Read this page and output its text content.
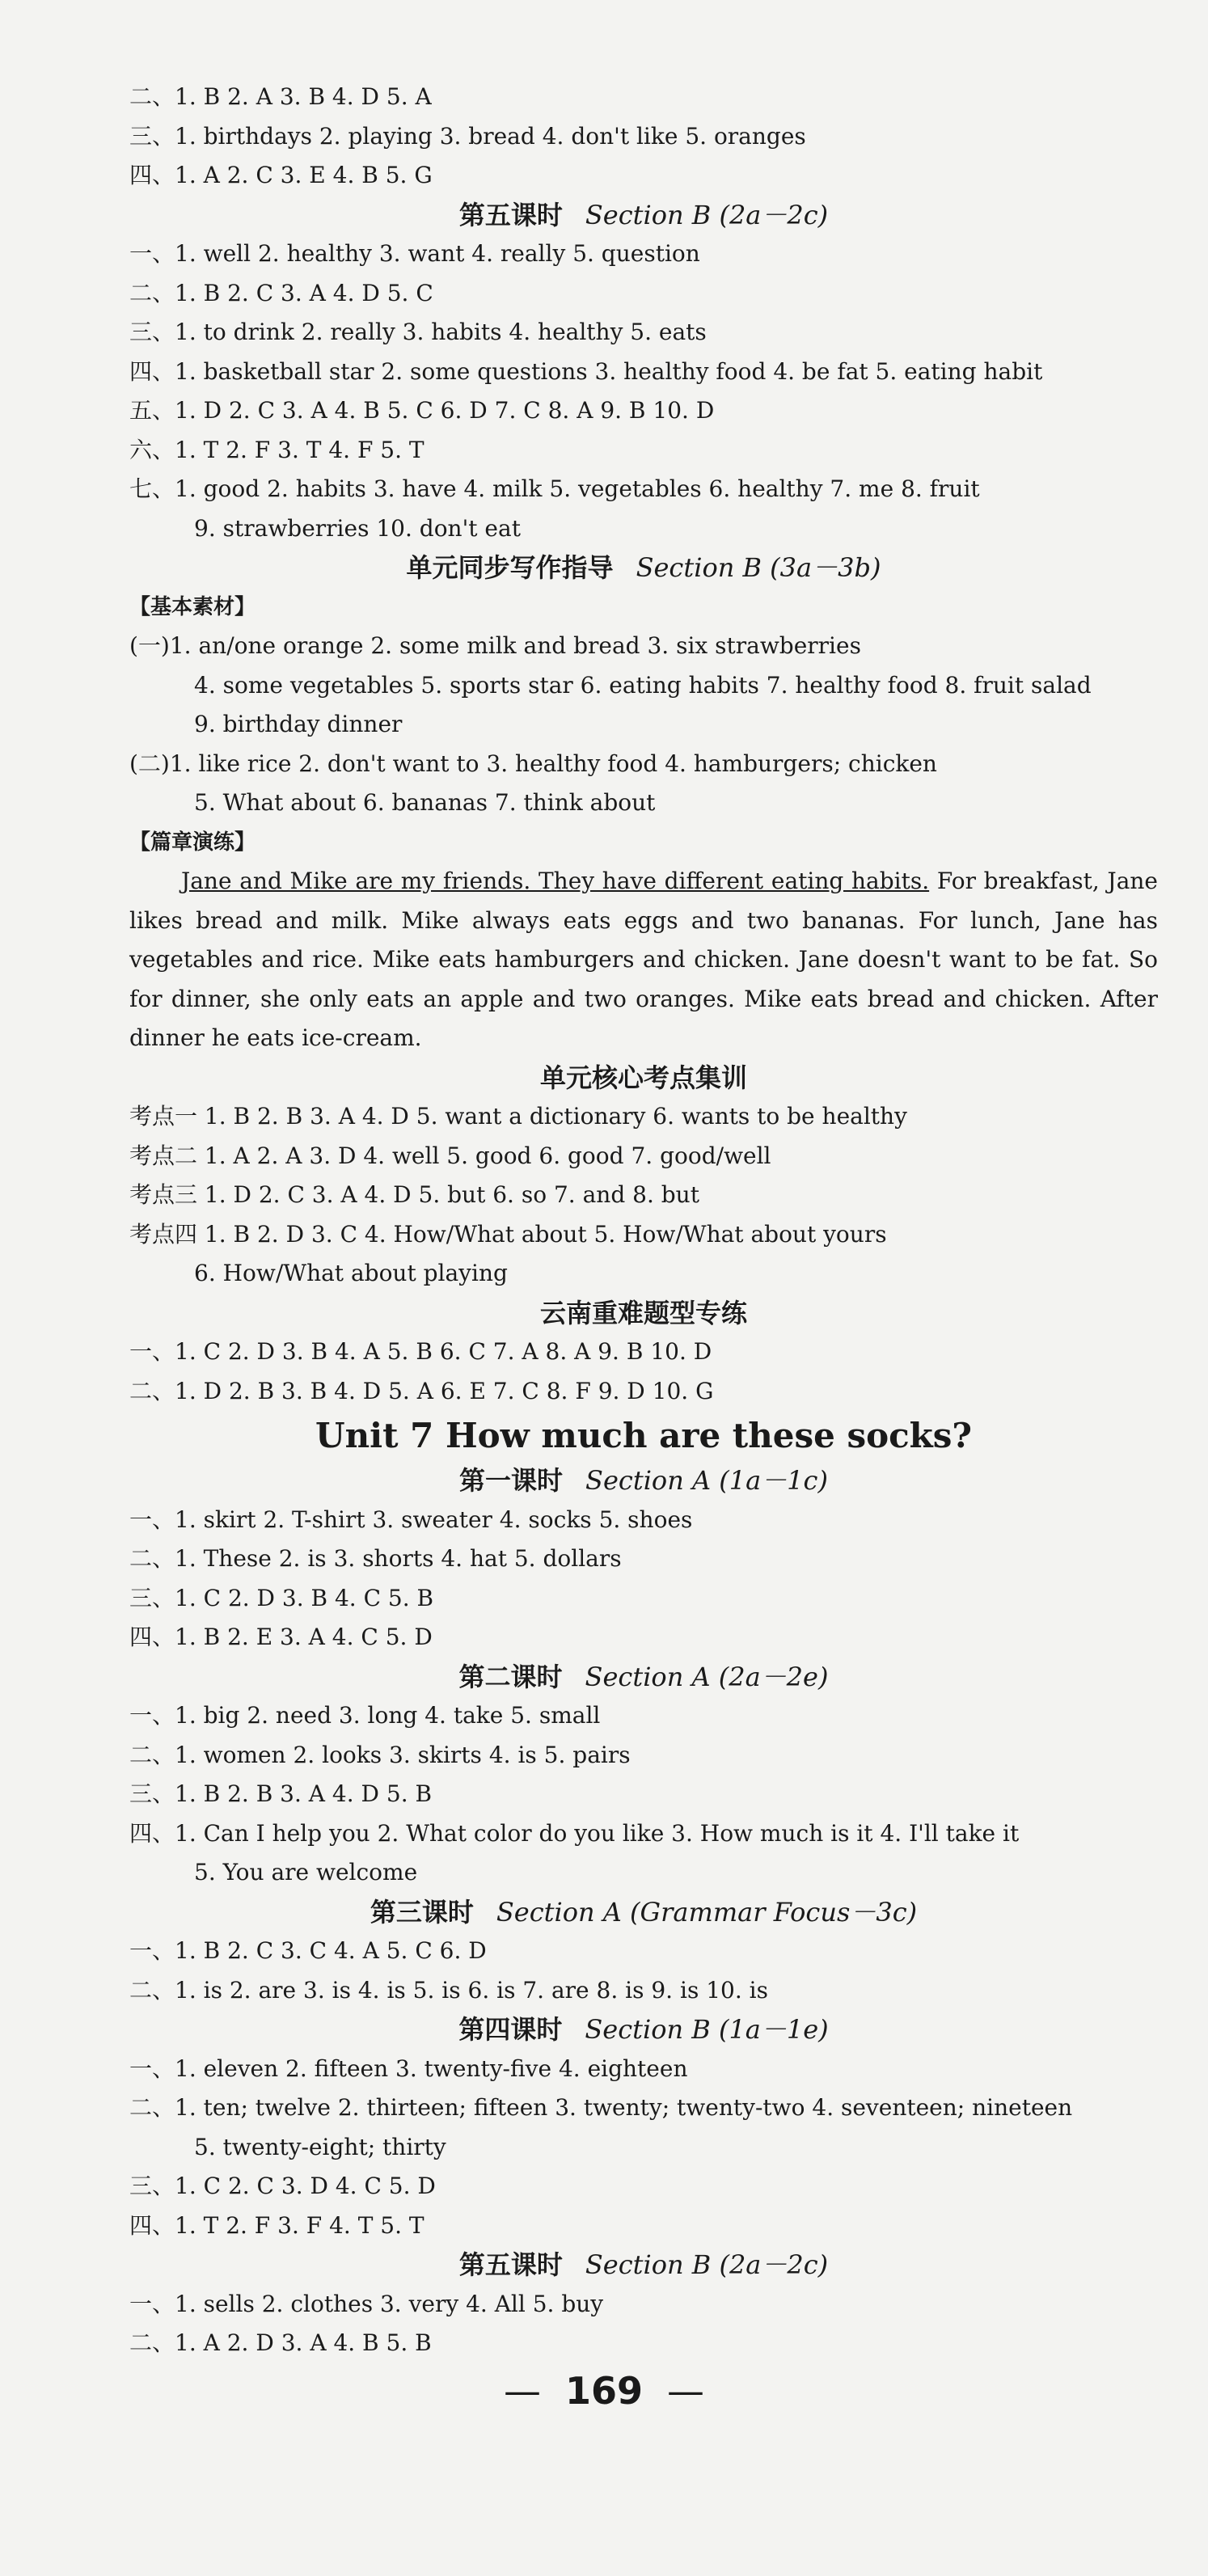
二、1. B 2. A 3. B 4. D 5. A
三、1. birthdays 2. playing 3. bread 4. don't like 5. oranges
四、1. A 2. C 3. E 4. B 5. G
第五课时 Section B (2a－2c)
一、1. well 2. healthy 3. want 4. really 5. question
二、1. B 2. C 3. A 4. D 5. C
三、1. to drink 2. really 3. habits 4. healthy 5. eats
四、1. basketball star 2. some questions 3. healthy food 4. be fat 5. eating habit
五、1. D 2. C 3. A 4. B 5. C 6. D 7. C 8. A 9. B 10. D
六、1. T 2. F 3. T 4. F 5. T
七、1. good 2. habits 3. have 4. milk 5. vegetables 6. healthy 7. me 8. fruit
9. strawberries 10. don't eat
单元同步写作指导 Section B (3a－3b)
【基本素材】
(一)1. an/one orange 2. some milk and bread 3. six strawberries
4. some vegetables 5. sports star 6. eating habits 7. healthy food 8. fruit salad
9. birthday dinner
(二)1. like rice 2. don't want to 3. healthy food 4. hamburgers; chicken
5. What about 6. bananas 7. think about
【篇章演练】
Jane and Mike are my friends. They have different eating habits. For breakfast, Jane likes bread and milk. Mike always eats eggs and two bananas. For lunch, Jane has vegetables and rice. Mike eats hamburgers and chicken. Jane doesn't want to be fat. So for dinner, she only eats an apple and two oranges. Mike eats bread and chicken. After dinner he eats ice-cream.
单元核心考点集训
考点一 1. B 2. B 3. A 4. D 5. want a dictionary 6. wants to be healthy
考点二 1. A 2. A 3. D 4. well 5. good 6. good 7. good/well
考点三 1. D 2. C 3. A 4. D 5. but 6. so 7. and 8. but
考点四 1. B 2. D 3. C 4. How/What about 5. How/What about yours
6. How/What about playing
云南重难题型专练
一、1. C 2. D 3. B 4. A 5. B 6. C 7. A 8. A 9. B 10. D
二、1. D 2. B 3. B 4. D 5. A 6. E 7. C 8. F 9. D 10. G
Unit 7 How much are these socks?
第一课时 Section A (1a－1c)
一、1. skirt 2. T-shirt 3. sweater 4. socks 5. shoes
二、1. These 2. is 3. shorts 4. hat 5. dollars
三、1. C 2. D 3. B 4. C 5. B
四、1. B 2. E 3. A 4. C 5. D
第二课时 Section A (2a－2e)
一、1. big 2. need 3. long 4. take 5. small
二、1. women 2. looks 3. skirts 4. is 5. pairs
三、1. B 2. B 3. A 4. D 5. B
四、1. Can I help you 2. What color do you like 3. How much is it 4. I'll take it
5. You are welcome
第三课时 Section A (Grammar Focus－3c)
一、1. B 2. C 3. C 4. A 5. C 6. D
二、1. is 2. are 3. is 4. is 5. is 6. is 7. are 8. is 9. is 10. is
第四课时 Section B (1a－1e)
一、1. eleven 2. fifteen 3. twenty-five 4. eighteen
二、1. ten; twelve 2. thirteen; fifteen 3. twenty; twenty-two 4. seventeen; nineteen
5. twenty-eight; thirty
三、1. C 2. C 3. D 4. C 5. D
四、1. T 2. F 3. F 4. T 5. T
第五课时 Section B (2a－2c)
一、1. sells 2. clothes 3. very 4. All 5. buy
二、1. A 2. D 3. A 4. B 5. B
— 169 —
